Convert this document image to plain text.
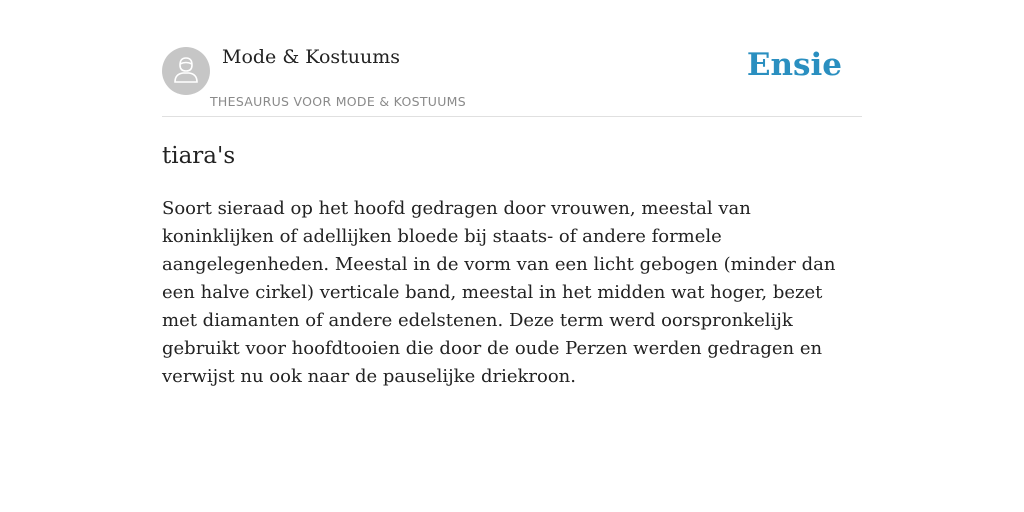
Mode & Kostuums
THESAURUS VOOR MODE & KOSTUUMS
Ensie
tiara's

Soort sieraad op het hoofd gedragen door vrouwen, meestal van koninklijken of adellijken bloede bij staats- of andere formele aangelegenheden. Meestal in de vorm van een licht gebogen (minder dan een halve cirkel) verticale band, meestal in het midden wat hoger, bezet met diamanten of andere edelstenen. Deze term werd oorspronkelijk gebruikt voor hoofdtooien die door de oude Perzen werden gedragen en verwijst nu ook naar de pauselijke driekroon.
